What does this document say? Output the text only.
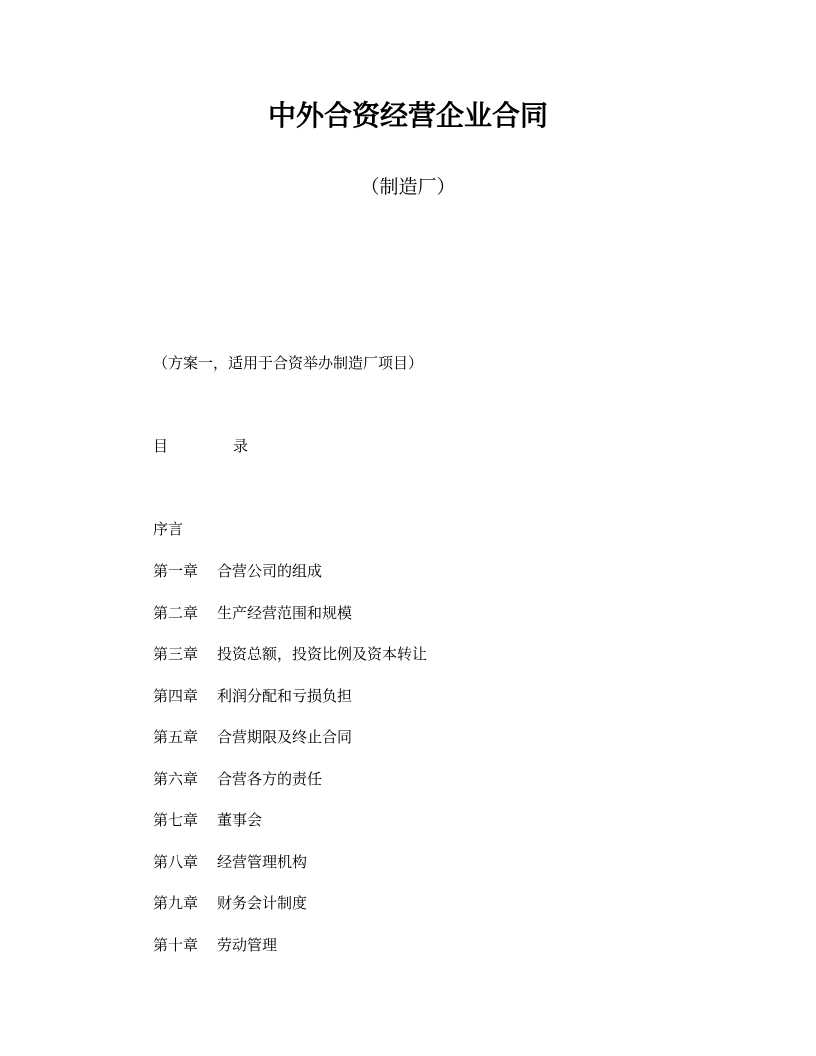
中外合资经营企业合同

（制造厂）

（方案一，适用于合资举办制造厂项目）

目	录

序言

第一章	合营公司的组成
第二章	生产经营范围和规模
第三章	投资总额，投资比例及资本转让
第四章	利润分配和亏损负担
第五章	合营期限及终止合同
第六章	合营各方的责任
第七章	董事会
第八章	经营管理机构
第九章	财务会计制度
第十章	劳动管理
